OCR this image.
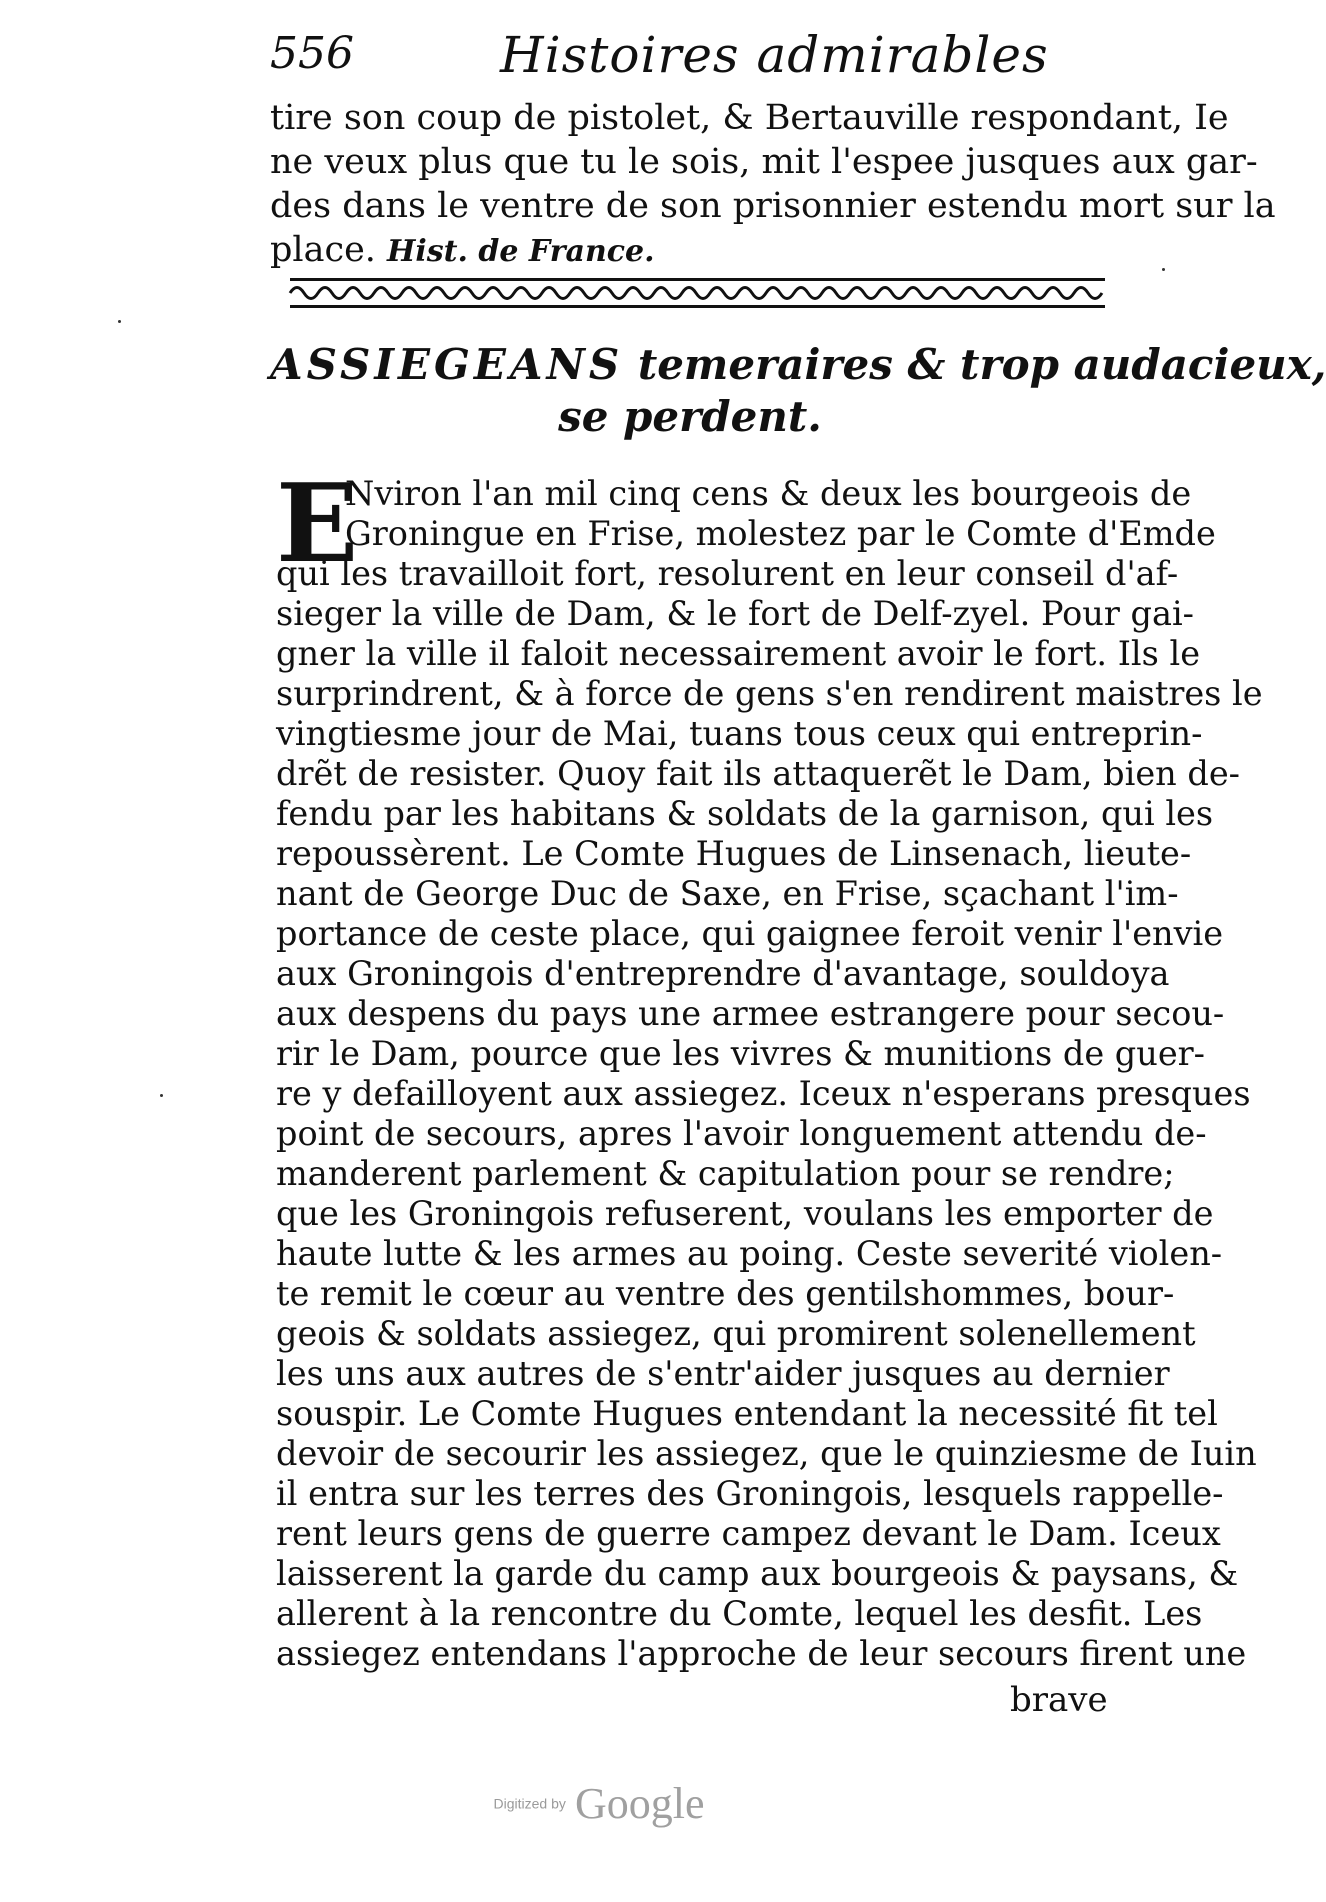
556	Histoires admirables
tire son coup de pistolet, & Bertauville respondant, Ie
ne veux plus que tu le sois, mit l'espee jusques aux gar-
des dans le ventre de son prisonnier estendu mort sur la
place. Hist. de France.
ASSIEGEANS temeraires & trop audacieux,
se perdent.
E
Nviron l'an mil cinq cens & deux les bourgeois de
Groningue en Frise, molestez par le Comte d'Emde
qui les travailloit fort, resolurent en leur conseil d'af-
sieger la ville de Dam, & le fort de Delf-zyel. Pour gai-
gner la ville il faloit necessairement avoir le fort. Ils le
surprindrent, & à force de gens s'en rendirent maistres le
vingtiesme jour de Mai, tuans tous ceux qui entreprin-
drẽt de resister. Quoy fait ils attaquerẽt le Dam, bien de-
fendu par les habitans & soldats de la garnison, qui les
repoussèrent. Le Comte Hugues de Linsenach, lieute-
nant de George Duc de Saxe, en Frise, sçachant l'im-
portance de ceste place, qui gaignee feroit venir l'envie
aux Groningois d'entreprendre d'avantage, souldoya
aux despens du pays une armee estrangere pour secou-
rir le Dam, pource que les vivres & munitions de guer-
re y defailloyent aux assiegez. Iceux n'esperans presques
point de secours, apres l'avoir longuement attendu de-
manderent parlement & capitulation pour se rendre;
que les Groningois refuserent, voulans les emporter de
haute lutte & les armes au poing. Ceste severité violen-
te remit le cœur au ventre des gentilshommes, bour-
geois & soldats assiegez, qui promirent solenellement
les uns aux autres de s'entr'aider jusques au dernier
souspir. Le Comte Hugues entendant la necessité fit tel
devoir de secourir les assiegez, que le quinziesme de Iuin
il entra sur les terres des Groningois, lesquels rappelle-
rent leurs gens de guerre campez devant le Dam. Iceux
laisserent la garde du camp aux bourgeois & paysans, &
allerent à la rencontre du Comte, lequel les desfit. Les
assiegez entendans l'approche de leur secours firent une
brave
Digitized by Google
